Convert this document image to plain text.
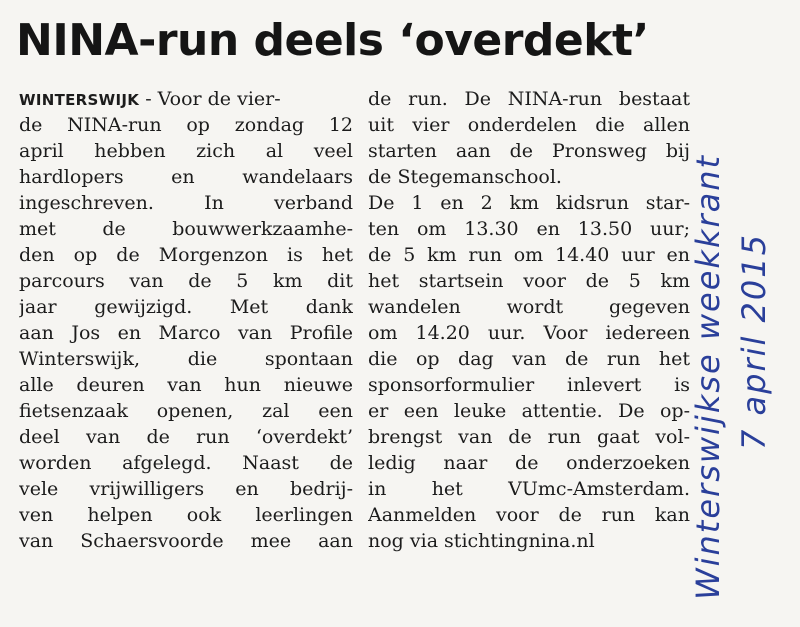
NINA-run deels ‘overdekt’
WINTERSWIJK - Voor de vier-
de NINA-run op zondag 12
april hebben zich al veel
hardlopers en wandelaars
ingeschreven. In verband
met de bouwwerkzaamhe-
den op de Morgenzon is het
parcours van de 5 km dit
jaar gewijzigd. Met dank
aan Jos en Marco van Profile
Winterswijk, die spontaan
alle deuren van hun nieuwe
fietsenzaak openen, zal een
deel van de run ‘overdekt’
worden afgelegd. Naast de
vele vrijwilligers en bedrij-
ven helpen ook leerlingen
van Schaersvoorde mee aan
de run. De NINA-run bestaat
uit vier onderdelen die allen
starten aan de Pronsweg bij
de Stegemanschool.
De 1 en 2 km kidsrun star-
ten om 13.30 en 13.50 uur;
de 5 km run om 14.40 uur en
het startsein voor de 5 km
wandelen wordt gegeven
om 14.20 uur. Voor iedereen
die op dag van de run het
sponsorformulier inlevert is
er een leuke attentie. De op-
brengst van de run gaat vol-
ledig naar de onderzoeken
in het VUmc-Amsterdam.
Aanmelden voor de run kan
nog via stichtingnina.nl	Winterswijkse weekkrant 7 april 2015
